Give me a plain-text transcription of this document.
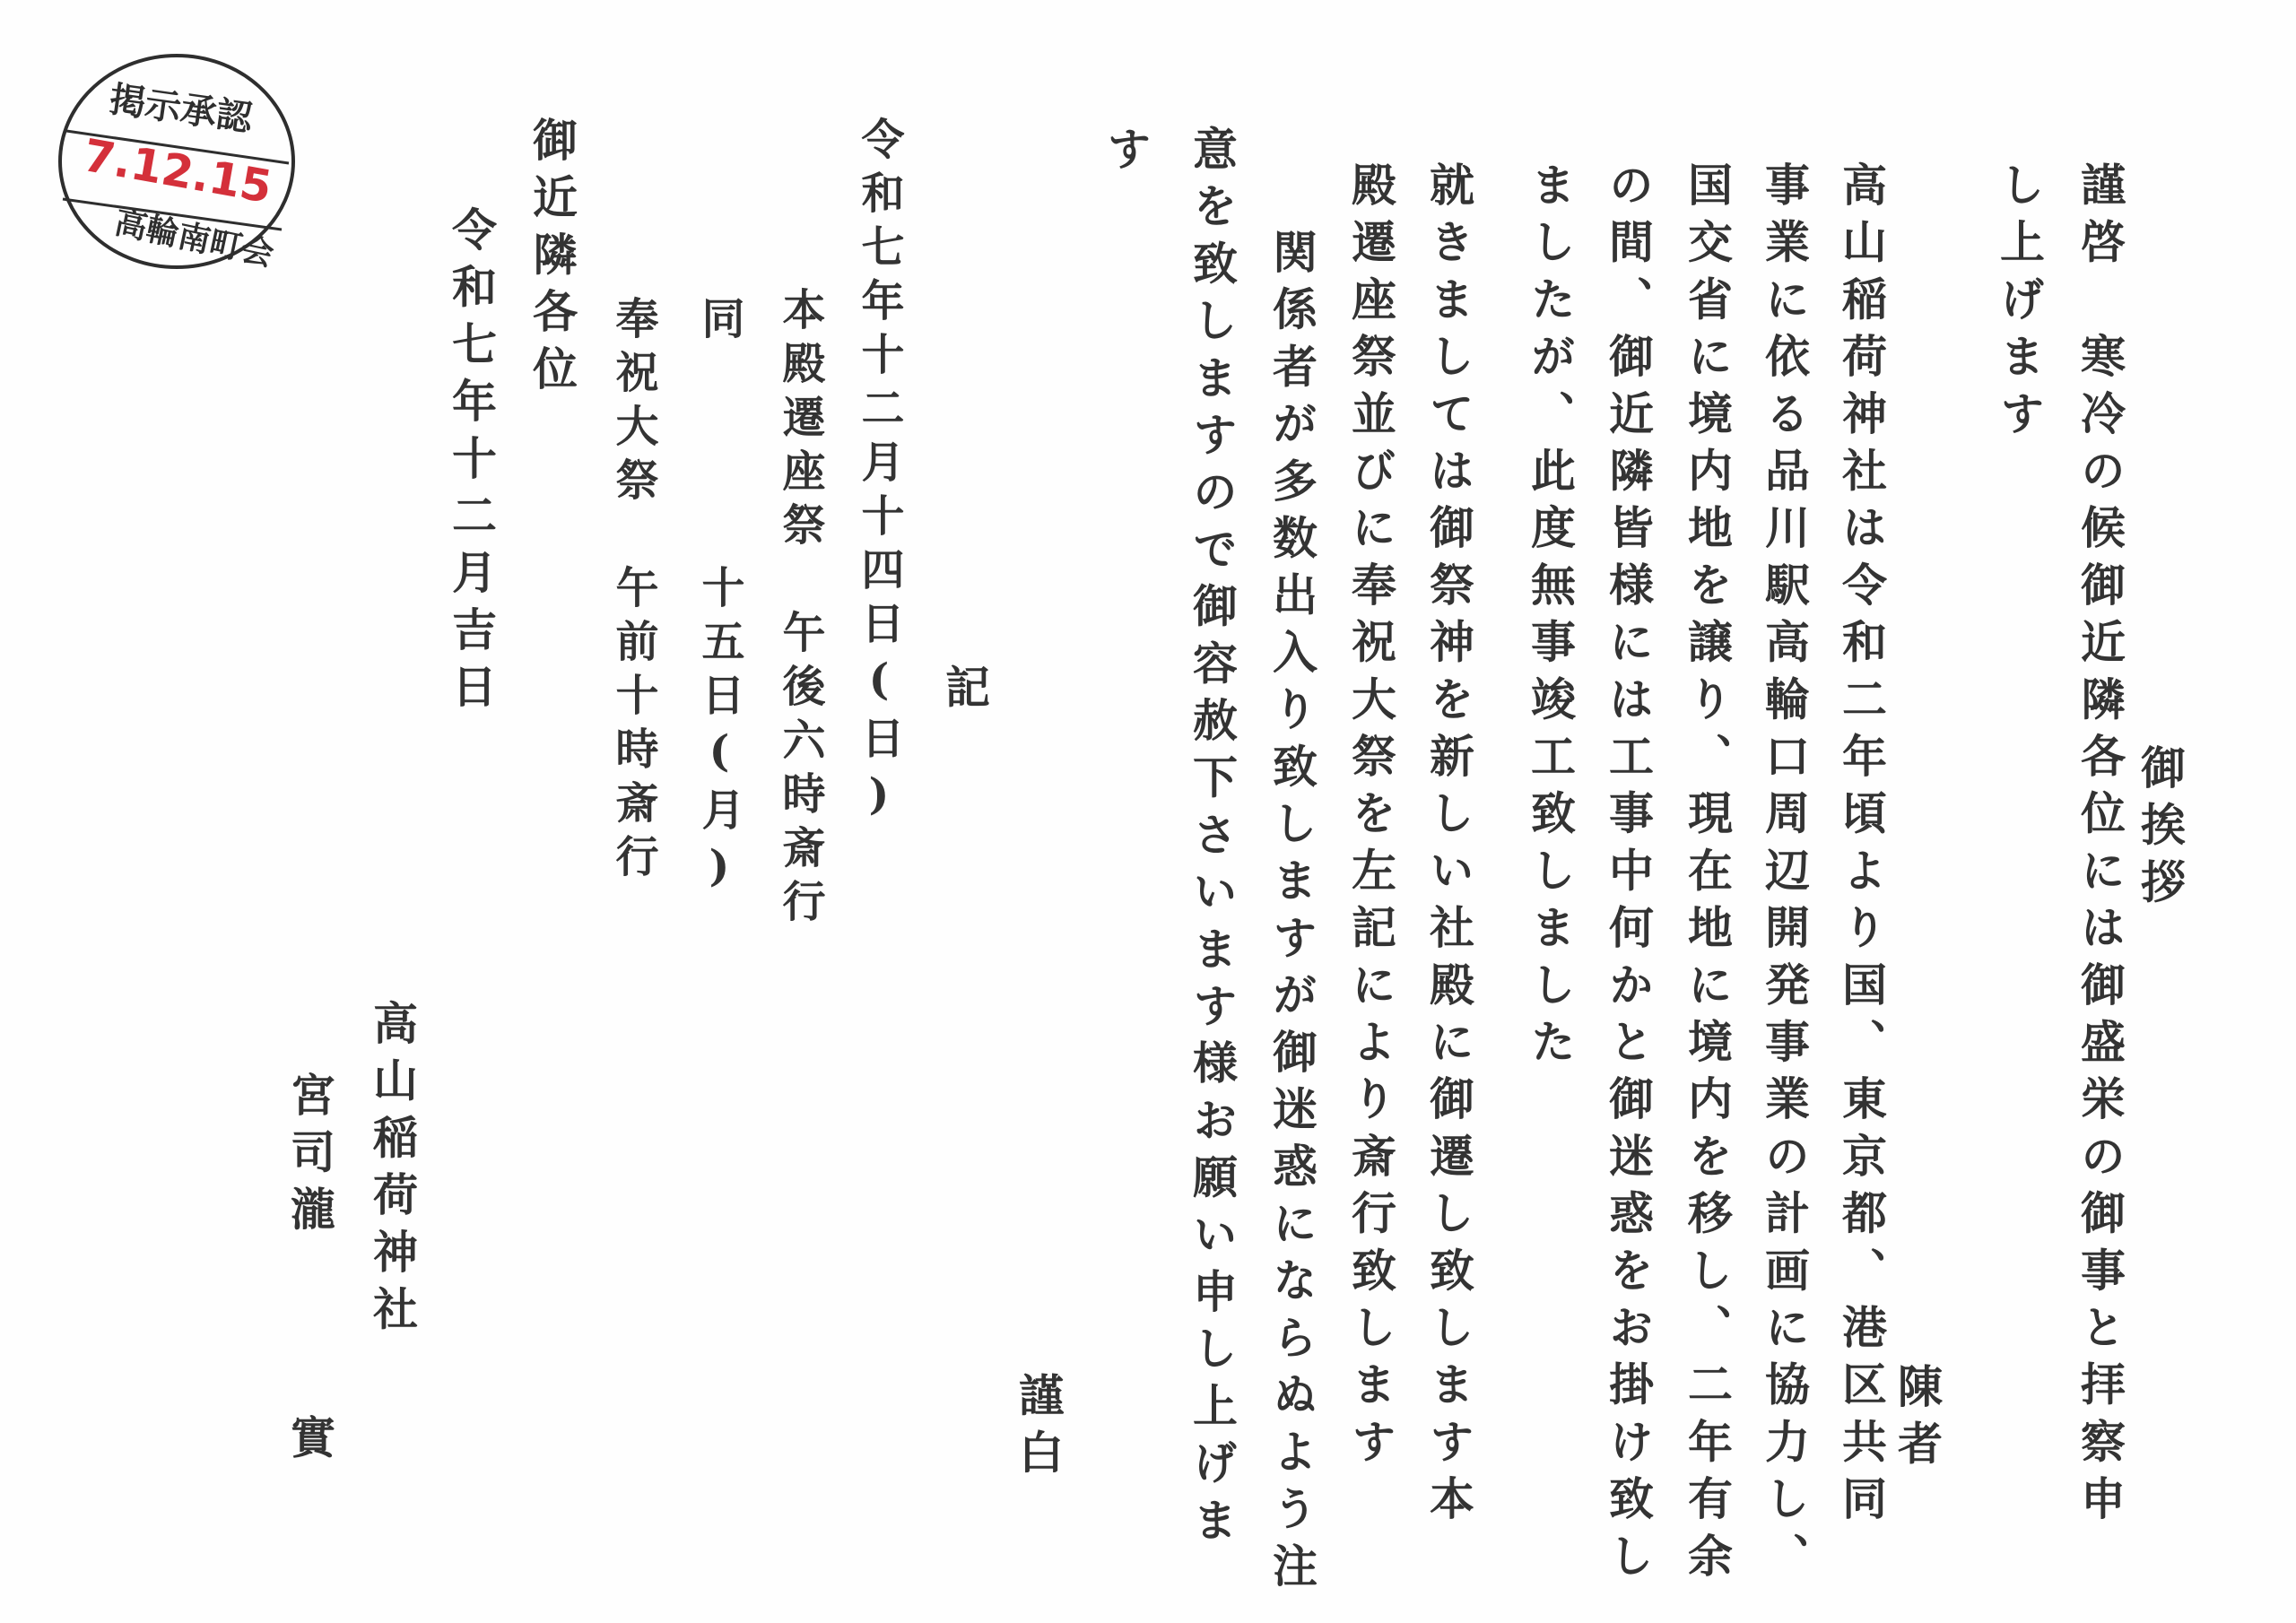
掲示承認
7.12.15
高輪南町会
御挨拶
謹啓　寒冷の候御近隣各位には御盛栄の御事と拝察申
し上げます
陳者
高山稲荷神社は令和二年頃より国、東京都、港区共同
事業に依る品川駅高輪口周辺開発事業の計画に協力し、
国交省に境内地を譲り、現在地に境内を移し、二年有余
の間、御近隣皆様には工事中何かと御迷惑をお掛け致し
ましたが、此度無事竣工致しました
就きましては御祭神を新しい社殿に御遷し致します本
殿遷座祭並びに奉祝大祭を左記により斎行致します
関係者が多数出入り致しますが御迷惑にならぬよう注
意を致しますので御容赦下さいます様お願い申し上げま
す
謹白
記
令和七年十二月十四日(日)
本殿遷座祭　午後六時斎行
同　　　　十五日(月)
奉祝大祭　午前十時斎行
御近隣各位
令和七年十二月吉日
高山稲荷神社
宮司瀧　　　實
